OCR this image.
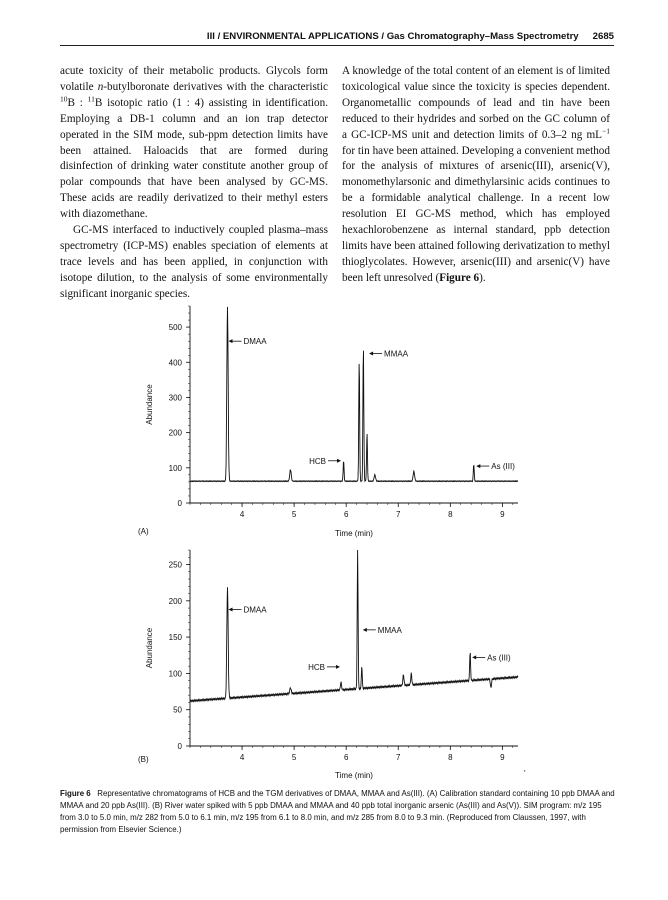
III / ENVIRONMENTAL APPLICATIONS / Gas Chromatography–Mass Spectrometry 2685

acute toxicity of their metabolic products. Glycols form volatile n-butylboronate derivatives with the characteristic $^{10}$B : $^{11}$B isotopic ratio (1 : 4) assisting in identification. Employing a DB-1 column and an ion trap detector operated in the SIM mode, sub-ppm detection limits have been attained. Haloacids that are formed during disinfection of drinking water constitute another group of polar compounds that have been analysed by GC-MS. These acids are readily derivatized to their methyl esters with diazomethane.

GC-MS interfaced to inductively coupled plasma–mass spectrometry (ICP-MS) enables speciation of elements at trace levels and has been applied, in conjunction with isotope dilution, to the analysis of some environmentally significant inorganic species.

A knowledge of the total content of an element is of limited toxicological value since the toxicity is species dependent. Organometallic compounds of lead and tin have been reduced to their hydrides and sorbed on the GC column of a GC-ICP-MS unit and detection limits of 0.3–2 ng $mL^{-1}$ for tin have been attained. Developing a convenient method for the analysis of mixtures of arsenic(III), arsenic(V), monomethylarsonic and dimethylarsinic acids continues to be a formidable analytical challenge. In a recent low resolution EI GC-MS method, which has employed hexachlorobenzene as internal standard, ppb detection limits have been attained following derivatization to methyl thioglycolates. However, arsenic(III) and arsenic(V) have been left unresolved (Figure 6).

0
100
200
300
400
500
4	5	6	7	8	9
(A)	Time (min)
Abundance
DMAA
MMAA
HCB
As (III)
0
50
100
150
200
250
4	5	6	7	8	9
(B)
Time (min)
Abundance
DMAA
MMAA
HCB
As (III)
'
Figure 6 Representative chromatograms of HCB and the TGM derivatives of DMAA, MMAA and As(III). (A) Calibration standard containing 10 ppb DMAA and MMAA and 20 ppb As(III). (B) River water spiked with 5 ppb DMAA and MMAA and 40 ppb total inorganic arsenic (As(III) and As(V)). SIM program: m/z 195 from 3.0 to 5.0 min, m/z 282 from 5.0 to 6.1 min, m/z 195 from 6.1 to 8.0 min, and m/z 285 from 8.0 to 9.3 min. (Reproduced from Claussen, 1997, with permission from Elsevier Science.)
